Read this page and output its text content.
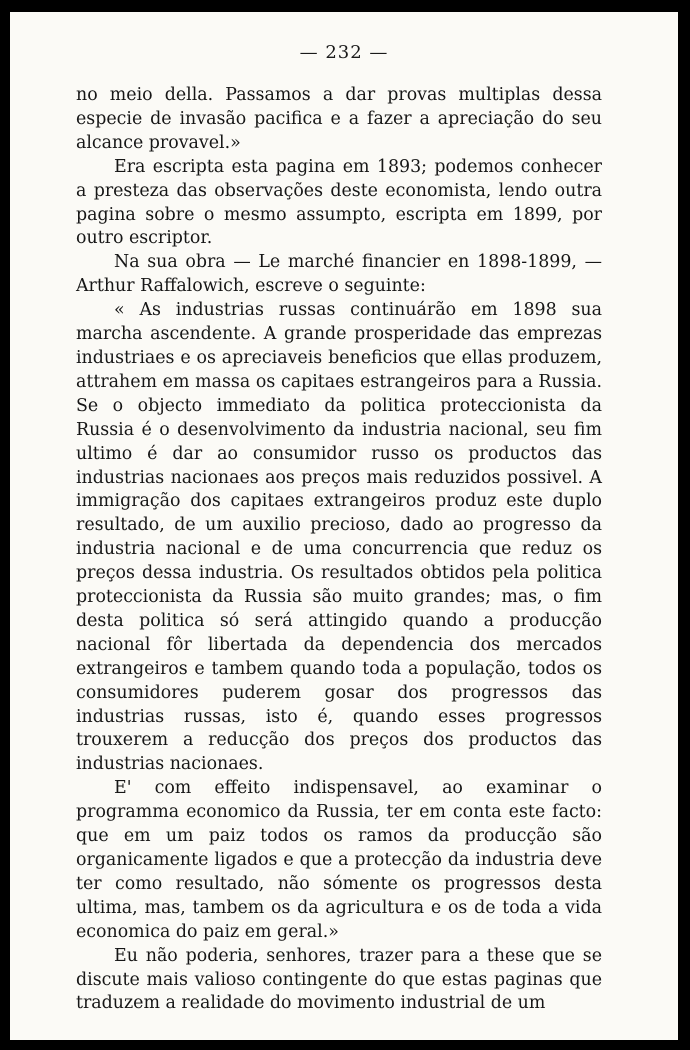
— 232 —

no meio della. Passamos a dar provas multiplas dessa especie de invasão pacifica e a fazer a apreciação do seu alcance provavel.»

Era escripta esta pagina em 1893; podemos conhecer a presteza das observações deste economista, lendo outra pagina sobre o mesmo assumpto, escripta em 1899, por outro escriptor.

Na sua obra — Le marché financier en 1898-1899, — Arthur Raffalowich, escreve o seguinte:

« As industrias russas continuárão em 1898 sua marcha ascendente. A grande prosperidade das emprezas industriaes e os apreciaveis beneficios que ellas produzem, attrahem em massa os capitaes estrangeiros para a Russia. Se o objecto immediato da politica proteccionista da Russia é o desenvolvimento da industria nacional, seu fim ultimo é dar ao consumidor russo os productos das industrias nacionaes aos preços mais reduzidos possivel. A immigração dos capitaes extrangeiros produz este duplo resultado, de um auxilio precioso, dado ao progresso da industria nacional e de uma concurrencia que reduz os preços dessa industria. Os resultados obtidos pela politica proteccionista da Russia são muito grandes; mas, o fim desta politica só será attingido quando a producção nacional fôr libertada da dependencia dos mercados extrangeiros e tambem quando toda a população, todos os consumidores puderem gosar dos progressos das industrias russas, isto é, quando esses progressos trouxerem a reducção dos preços dos productos das industrias nacionaes.

E' com effeito indispensavel, ao examinar o programma economico da Russia, ter em conta este facto: que em um paiz todos os ramos da producção são organicamente ligados e que a protecção da industria deve ter como resultado, não sómente os progressos desta ultima, mas, tambem os da agricultura e os de toda a vida economica do paiz em geral.»

Eu não poderia, senhores, trazer para a these que se discute mais valioso contingente do que estas paginas que traduzem a realidade do movimento industrial de um
